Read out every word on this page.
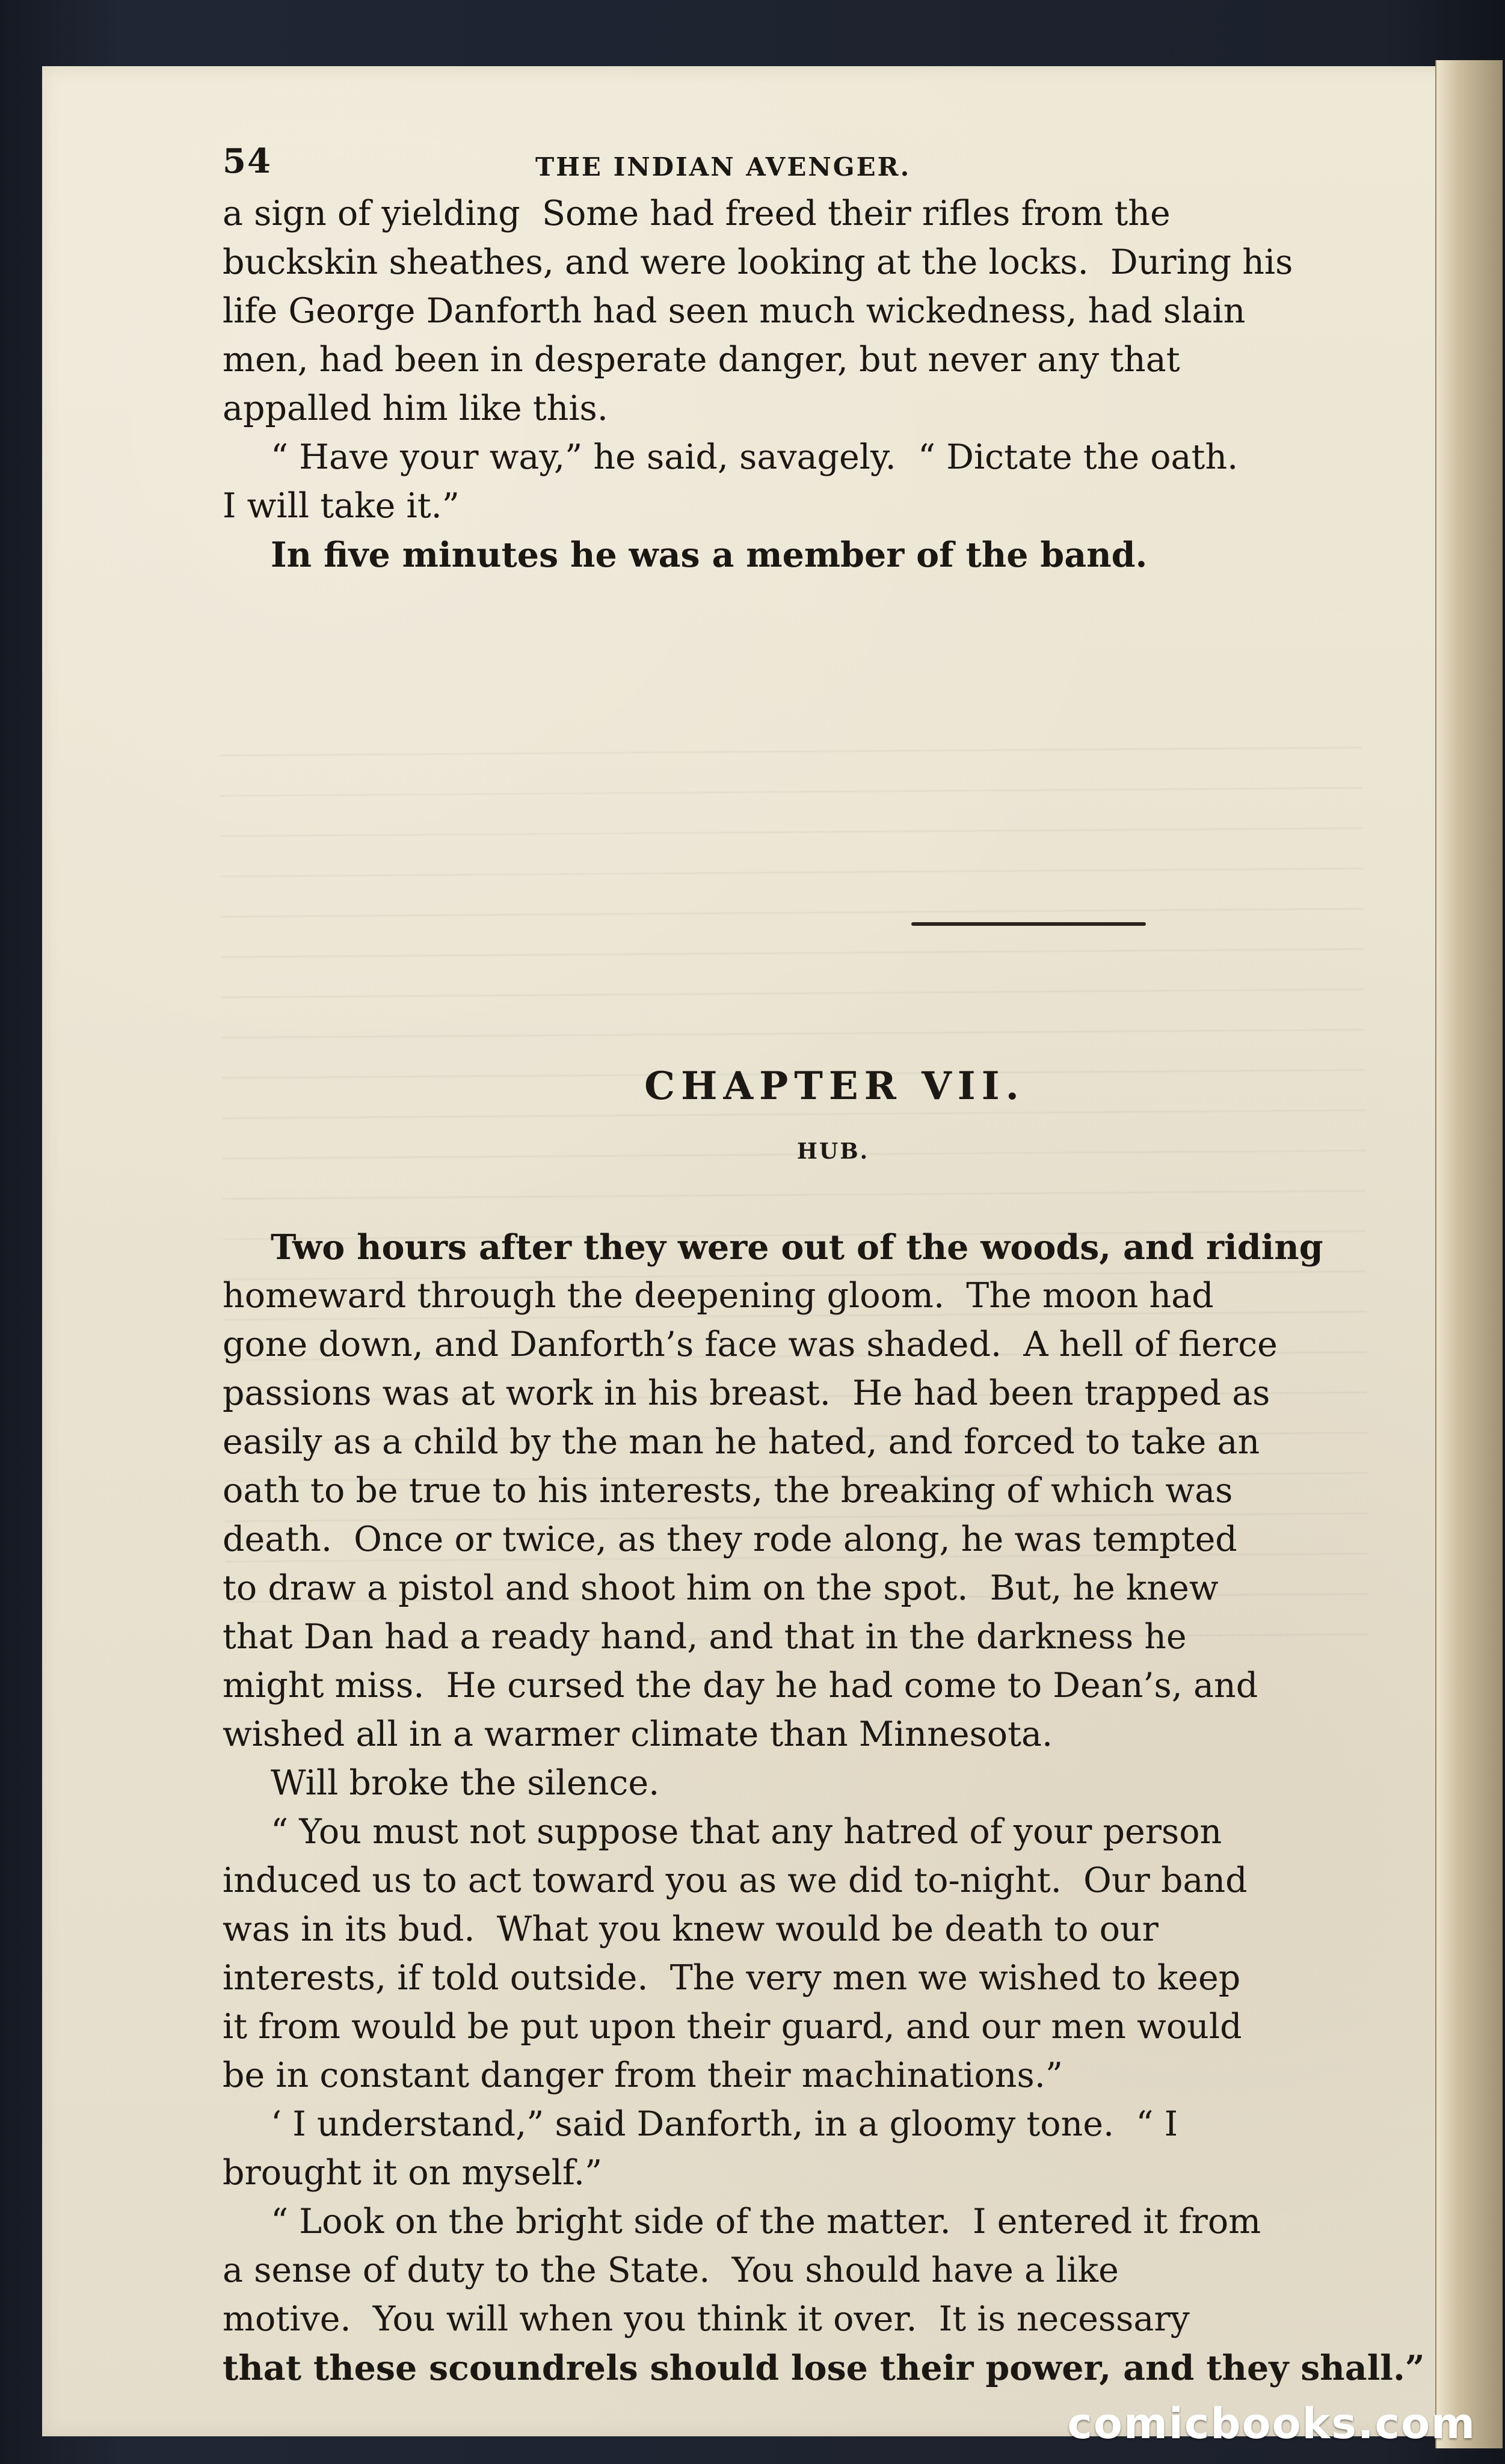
54	THE INDIAN AVENGER.
a sign of yielding  Some had freed their rifles from the
buckskin sheathes, and were looking at the locks.  During his
life George Danforth had seen much wickedness, had slain
men, had been in desperate danger, but never any that
appalled him like this.
“ Have your way,” he said, savagely.  “ Dictate the oath.
I will take it.”
In five minutes he was a member of the band.
CHAPTER VII.
HUB.
Two hours after they were out of the woods, and riding
homeward through the deepening gloom.  The moon had
gone down, and Danforth’s face was shaded.  A hell of fierce
passions was at work in his breast.  He had been trapped as
easily as a child by the man he hated, and forced to take an
oath to be true to his interests, the breaking of which was
death.  Once or twice, as they rode along, he was tempted
to draw a pistol and shoot him on the spot.  But, he knew
that Dan had a ready hand, and that in the darkness he
might miss.  He cursed the day he had come to Dean’s, and
wished all in a warmer climate than Minnesota.
Will broke the silence.
“ You must not suppose that any hatred of your person
induced us to act toward you as we did to-night.  Our band
was in its bud.  What you knew would be death to our
interests, if told outside.  The very men we wished to keep
it from would be put upon their guard, and our men would
be in constant danger from their machinations.”
‘ I understand,” said Danforth, in a gloomy tone.  “ I
brought it on myself.”
“ Look on the bright side of the matter.  I entered it from
a sense of duty to the State.  You should have a like
motive.  You will when you think it over.  It is necessary
that these scoundrels should lose their power, and they shall.”
comicbooks.com
